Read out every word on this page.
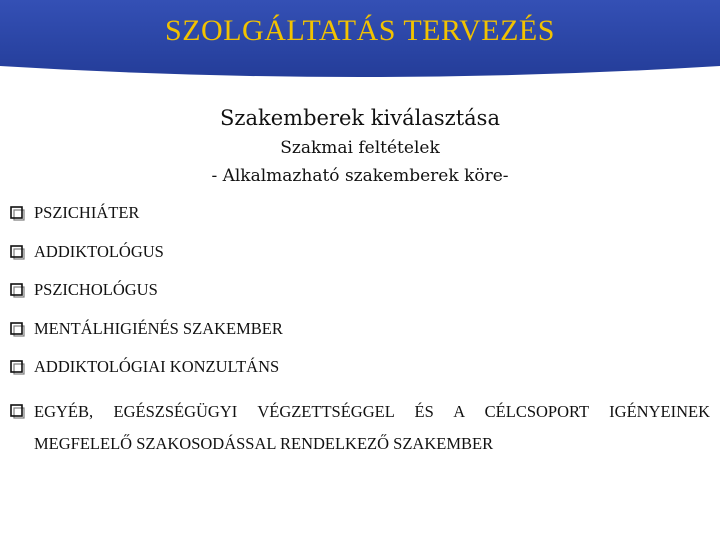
SZOLGÁLTATÁS TERVEZÉS
Szakemberek kiválasztása
Szakmai feltételek
- Alkalmazható szakemberek köre-
PSZICHIÁTER
ADDIKTOLÓGUS
PSZICHOLÓGUS
MENTÁLHIGIÉNÉS SZAKEMBER
ADDIKTOLÓGIAI KONZULTÁNS
EGYÉB, EGÉSZSÉGÜGYI VÉGZETTSÉGGEL ÉS A CÉLCSOPORT IGÉNYEINEK MEGFELELŐ SZAKOSODÁSSAL RENDELKEZŐ SZAKEMBER
